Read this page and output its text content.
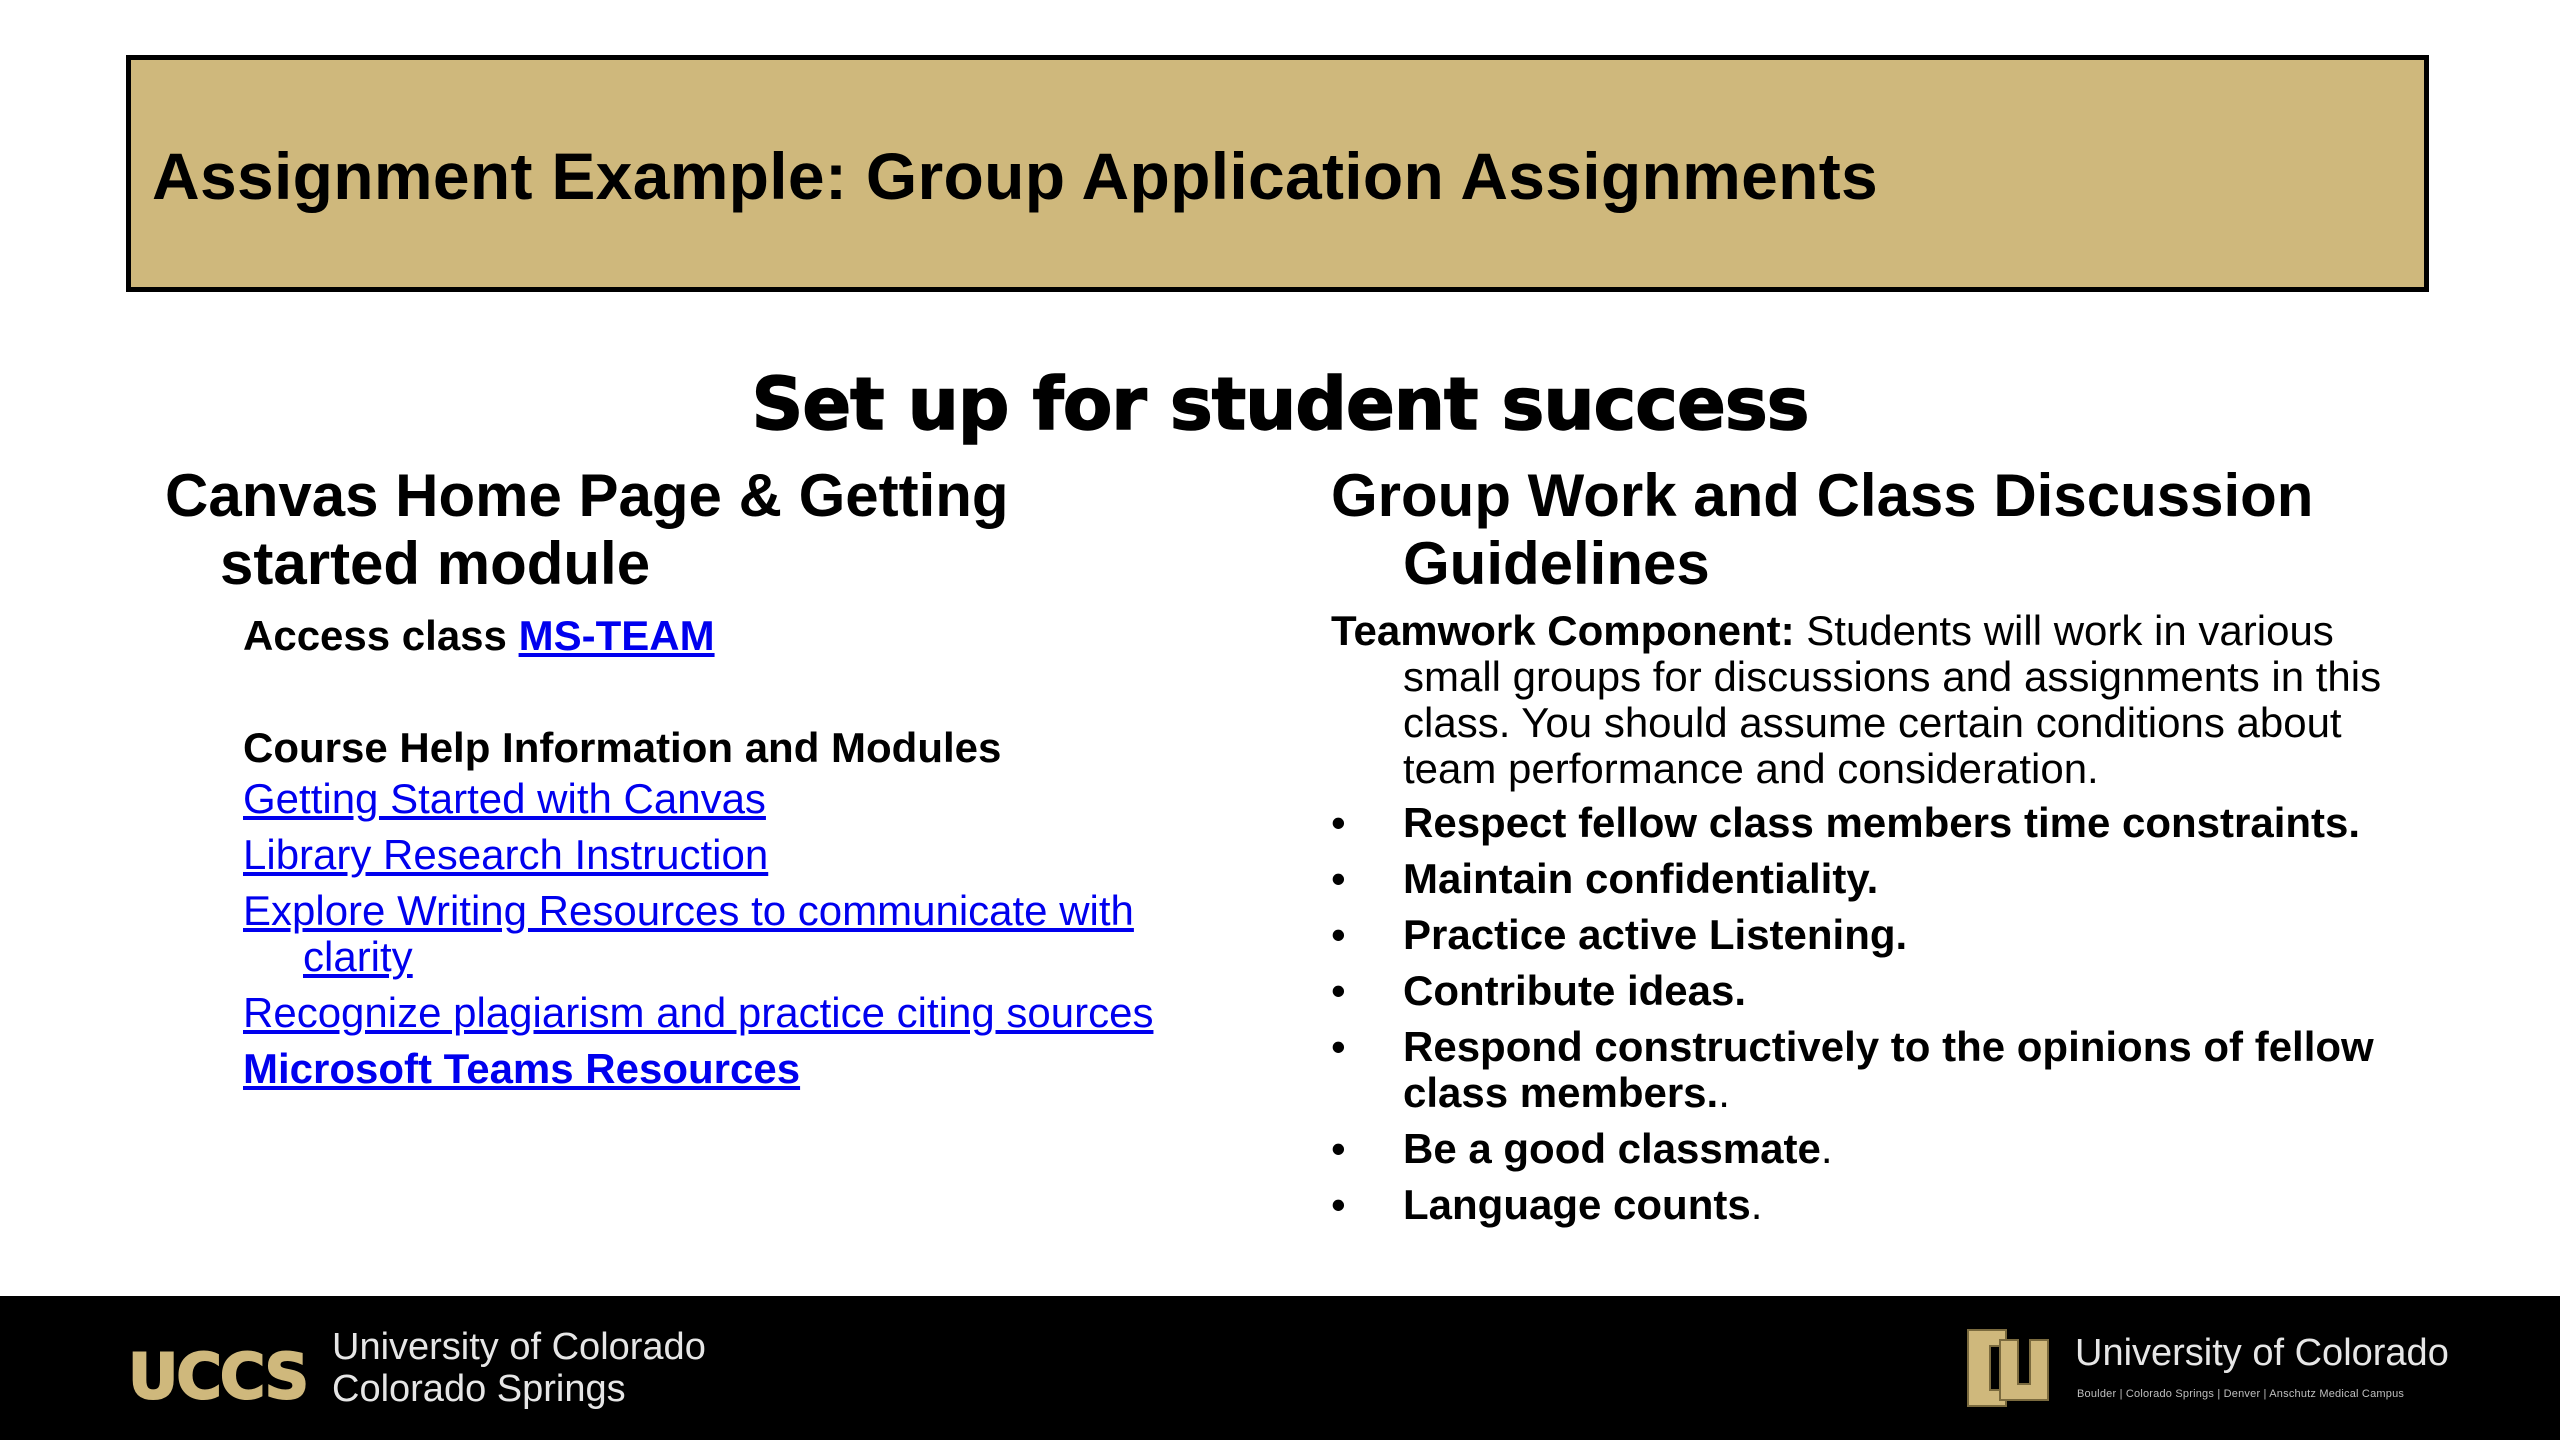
Assignment Example: Group Application Assignments
Set up for student success
Canvas Home Page & Getting started module
Access class MS-TEAM
Course Help Information and Modules
Getting Started with Canvas
Library Research Instruction
Explore Writing Resources to communicate with clarity
Recognize plagiarism and practice citing sources
Microsoft Teams Resources
Group Work and Class Discussion Guidelines
Teamwork Component: Students will work in various small groups for discussions and assignments in this class. You should assume certain conditions about team performance and consideration.
• Respect fellow class members time constraints.
• Maintain confidentiality.
• Practice active Listening.
• Contribute ideas.
• Respond constructively to the opinions of fellow class members..
• Be a good classmate.
• Language counts.
UCCS University of Colorado
Colorado Springs
University of Colorado
Boulder | Colorado Springs | Denver | Anschutz Medical Campus
